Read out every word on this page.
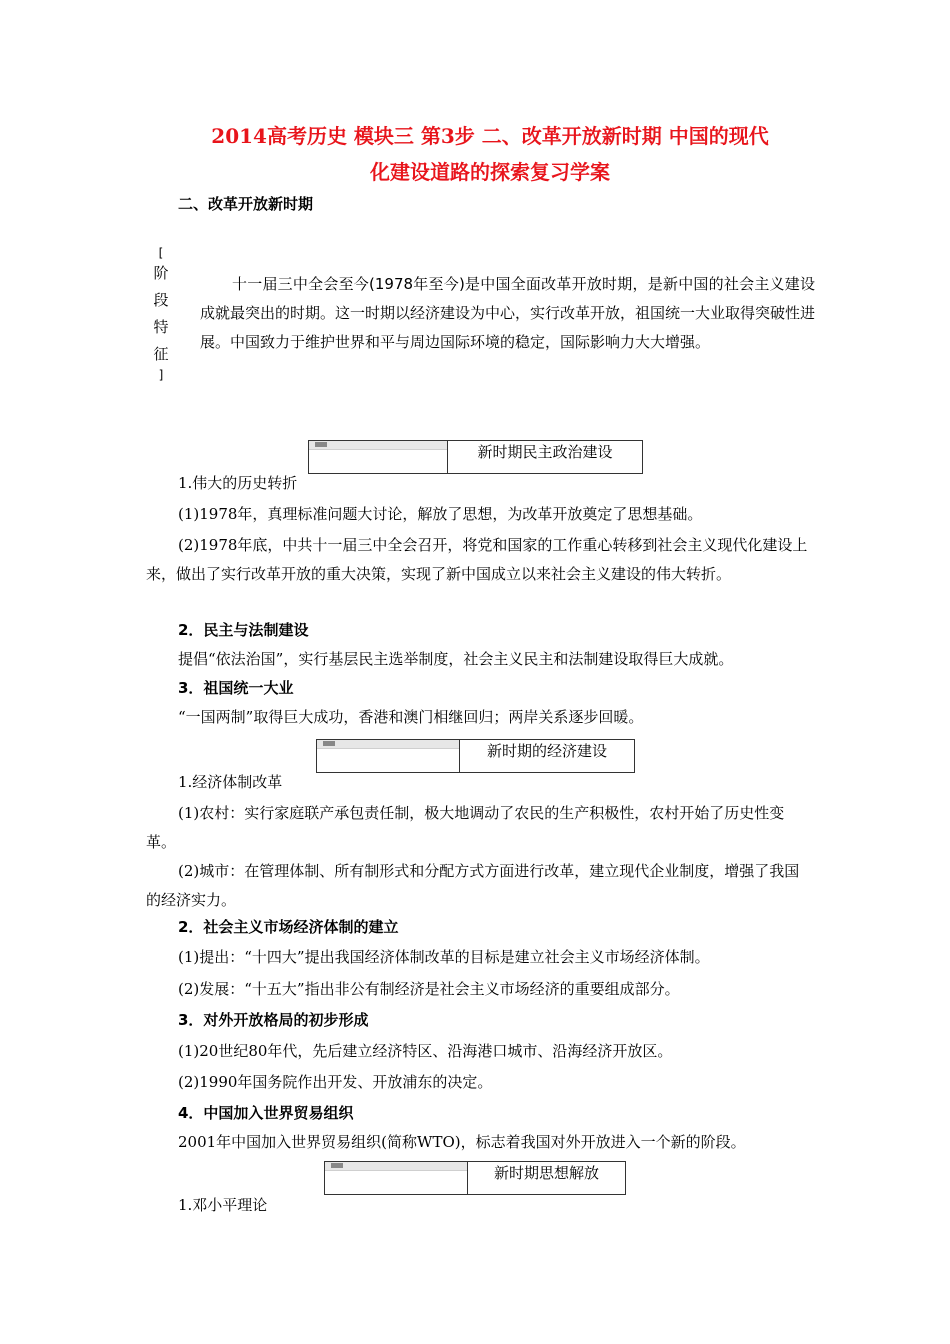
2014高考历史 模块三 第3步 二、改革开放新时期 中国的现代
化建设道路的探索复习学案
二、改革开放新时期
[
阶
段
特
征
]
十一届三中全会至今(1978年至今)是中国全面改革开放时期，是新中国的社会主义建设成就最突出的时期。这一时期以经济建设为中心，实行改革开放，祖国统一大业取得突破性进展。中国致力于维护世界和平与周边国际环境的稳定，国际影响力大大增强。
新时期民主政治建设
1.伟大的历史转折
(1)1978年，真理标准问题大讨论，解放了思想，为改革开放奠定了思想基础。
(2)1978年底，中共十一届三中全会召开，将党和国家的工作重心转移到社会主义现代化建设上来，做出了实行改革开放的重大决策，实现了新中国成立以来社会主义建设的伟大转折。
2．民主与法制建设
提倡“依法治国”，实行基层民主选举制度，社会主义民主和法制建设取得巨大成就。
3．祖国统一大业
“一国两制”取得巨大成功，香港和澳门相继回归；两岸关系逐步回暖。
新时期的经济建设
1.经济体制改革
(1)农村：实行家庭联产承包责任制，极大地调动了农民的生产积极性，农村开始了历史性变革。
(2)城市：在管理体制、所有制形式和分配方式方面进行改革，建立现代企业制度，增强了我国的经济实力。
2．社会主义市场经济体制的建立
(1)提出：“十四大”提出我国经济体制改革的目标是建立社会主义市场经济体制。
(2)发展：“十五大”指出非公有制经济是社会主义市场经济的重要组成部分。
3．对外开放格局的初步形成
(1)20世纪80年代，先后建立经济特区、沿海港口城市、沿海经济开放区。
(2)1990年国务院作出开发、开放浦东的决定。
4．中国加入世界贸易组织
2001年中国加入世界贸易组织(简称WTO)，标志着我国对外开放进入一个新的阶段。
新时期思想解放
1.邓小平理论
